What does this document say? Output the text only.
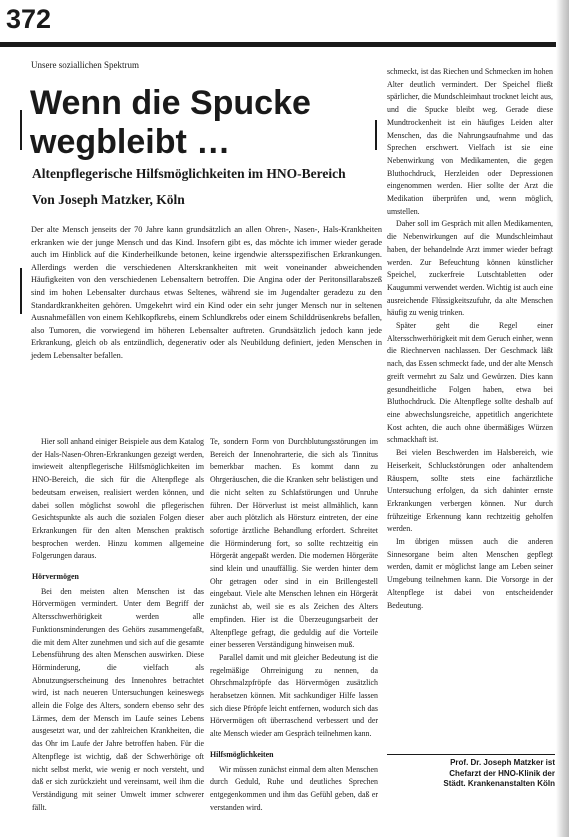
372
Unsere soziallichen Spektrum
Wenn die Spucke wegbleibt …
Altenpflegerische Hilfsmöglichkeiten im HNO-Bereich
Von Joseph Matzker, Köln

Der alte Mensch jenseits der 70 Jahre kann grundsätzlich an allen Ohren-, Nasen-, Hals-Krankheiten erkranken wie der junge Mensch und das Kind. Insofern gibt es, das möchte ich immer wieder gerade auch im Hinblick auf die Kinderheilkunde betonen, keine irgendwie altersspezifischen Erkrankungen. Allerdings werden die verschiedenen Alterskrankheiten mit weit voneinander abweichenden Häufigkeiten von den verschiedenen Lebensaltern betroffen. Die Angina oder der Peritonsillarabszeß sind im hohen Lebensalter durchaus etwas Seltenes, während sie im Jugendalter geradezu zu den Standardkrankheiten gehören. Umgekehrt wird ein Kind oder ein sehr junger Mensch nur in seltenen Ausnahmefällen von einem Kehlkopfkrebs, einem Schlundkrebs oder einem Schilddrüsenkrebs befallen, also Tumoren, die vorwiegend im höheren Lebensalter auftreten. Grundsätzlich jedoch kann jede Erkrankung, gleich ob als entzündlich, degenerativ oder als Neubildung definiert, jeden Menschen in jedem Lebensalter befallen.

Hier soll anhand einiger Beispiele aus dem Katalog der Hals-Nasen-Ohren-Erkrankungen gezeigt werden, inwieweit altenpflegerische Hilfsmöglichkeiten im HNO-Bereich, die sich für die Altenpflege als bedeutsam erweisen, realisiert werden können, und dabei sollen möglichst sowohl die pflegerischen Gesichtspunkte als auch die sozialen Folgen dieser Erkrankungen für den alten Menschen praktisch besprochen werden. Hinzu kommen allgemeine Folgerungen daraus.

Hörvermögen

Bei den meisten alten Menschen ist das Hörvermögen vermindert. Unter dem Begriff der Altersschwerhörigkeit werden alle Funktionsminderungen des Gehörs zusammengefaßt, die mit dem Alter zunehmen und sich auf die gesamte Lebensführung des alten Menschen auswirken. Diese Hörminderung, die vielfach als Abnutzungserscheinung des Innenohres betrachtet wird, ist nach neueren Untersuchungen keineswegs allein die Folge des Alters, sondern ebenso sehr des Lärmes, dem der Mensch im Laufe seines Lebens ausgesetzt war, und der zahlreichen Krankheiten, die das Ohr im Laufe der Jahre betroffen haben. Für die Altenpflege ist wichtig, daß der Schwerhörige oft nicht selbst merkt, wie wenig er noch versteht, und daß er sich zurückzieht und vereinsamt, weil ihm die Verständigung mit seiner Umwelt immer schwerer fällt.

Te, sondern Form von Durchblutungsstörungen im Bereich der Innenohrarterie, die sich als Tinnitus bemerkbar machen. Es kommt dann zu Ohrgeräuschen, die die Kranken sehr belästigen und die nicht selten zu Schlafstörungen und Unruhe führen. Der Hörverlust ist meist allmählich, kann aber auch plötzlich als Hörsturz eintreten, der eine sofortige ärztliche Behandlung erfordert. Schreitet die Hörminderung fort, so sollte rechtzeitig ein Hörgerät angepaßt werden. Die modernen Hörgeräte sind klein und unauffällig. Sie werden hinter dem Ohr getragen oder sind in ein Brillengestell eingebaut. Viele alte Menschen lehnen ein Hörgerät zunächst ab, weil sie es als Zeichen des Alters empfinden. Hier ist die Überzeugungsarbeit der Altenpflege gefragt, die geduldig auf die Vorteile einer besseren Verständigung hinweisen muß.

Parallel damit und mit gleicher Bedeutung ist die regelmäßige Ohrreinigung zu nennen, da Ohrschmalzpfröpfe das Hörvermögen zusätzlich herabsetzen können. Mit sachkundiger Hilfe lassen sich diese Pfröpfe leicht entfernen, wodurch sich das Hörvermögen oft überraschend verbessert und der alte Mensch wieder am Gespräch teilnehmen kann.

Hilfsmöglichkeiten

Wir müssen zunächst einmal dem alten Menschen durch Geduld, Ruhe und deutliches Sprechen entgegenkommen und ihm das Gefühl geben, daß er verstanden wird.

schmeckt, ist das Riechen und Schmecken im hohen Alter deutlich vermindert. Der Speichel fließt spärlicher, die Mundschleimhaut trocknet leicht aus, und die Spucke bleibt weg. Gerade diese Mundtrockenheit ist ein häufiges Leiden alter Menschen, das die Nahrungsaufnahme und das Sprechen erschwert. Vielfach ist sie eine Nebenwirkung von Medikamenten, die gegen Bluthochdruck, Herzleiden oder Depressionen eingenommen werden. Hier sollte der Arzt die Medikation überprüfen und, wenn möglich, umstellen.

Daher soll im Gespräch mit allen Medikamenten, die Nebenwirkungen auf die Mundschleimhaut haben, der behandelnde Arzt immer wieder befragt werden. Zur Befeuchtung können künstlicher Speichel, zuckerfreie Lutschtabletten oder Kaugummi verwendet werden. Wichtig ist auch eine ausreichende Flüssigkeitszufuhr, da alte Menschen häufig zu wenig trinken.

Später geht die Regel einer Altersschwerhörigkeit mit dem Geruch einher, wenn die Riechnerven nachlassen. Der Geschmack läßt nach, das Essen schmeckt fade, und der alte Mensch greift vermehrt zu Salz und Gewürzen. Dies kann gesundheitliche Folgen haben, etwa bei Bluthochdruck. Die Altenpflege sollte deshalb auf eine abwechslungsreiche, appetitlich angerichtete Kost achten, die auch ohne übermäßiges Würzen schmackhaft ist.

Bei vielen Beschwerden im Halsbereich, wie Heiserkeit, Schluckstörungen oder anhaltendem Räuspern, sollte stets eine fachärztliche Untersuchung erfolgen, da sich dahinter ernste Erkrankungen verbergen können. Nur durch frühzeitige Erkennung kann rechtzeitig geholfen werden.

Im übrigen müssen auch die anderen Sinnesorgane beim alten Menschen gepflegt werden, damit er möglichst lange am Leben seiner Umgebung teilnehmen kann. Die Vorsorge in der Altenpflege ist dabei von entscheidender Bedeutung.

Prof. Dr. Joseph Matzker ist
Chefarzt der HNO-Klinik der
Städt. Krankenanstalten Köln
